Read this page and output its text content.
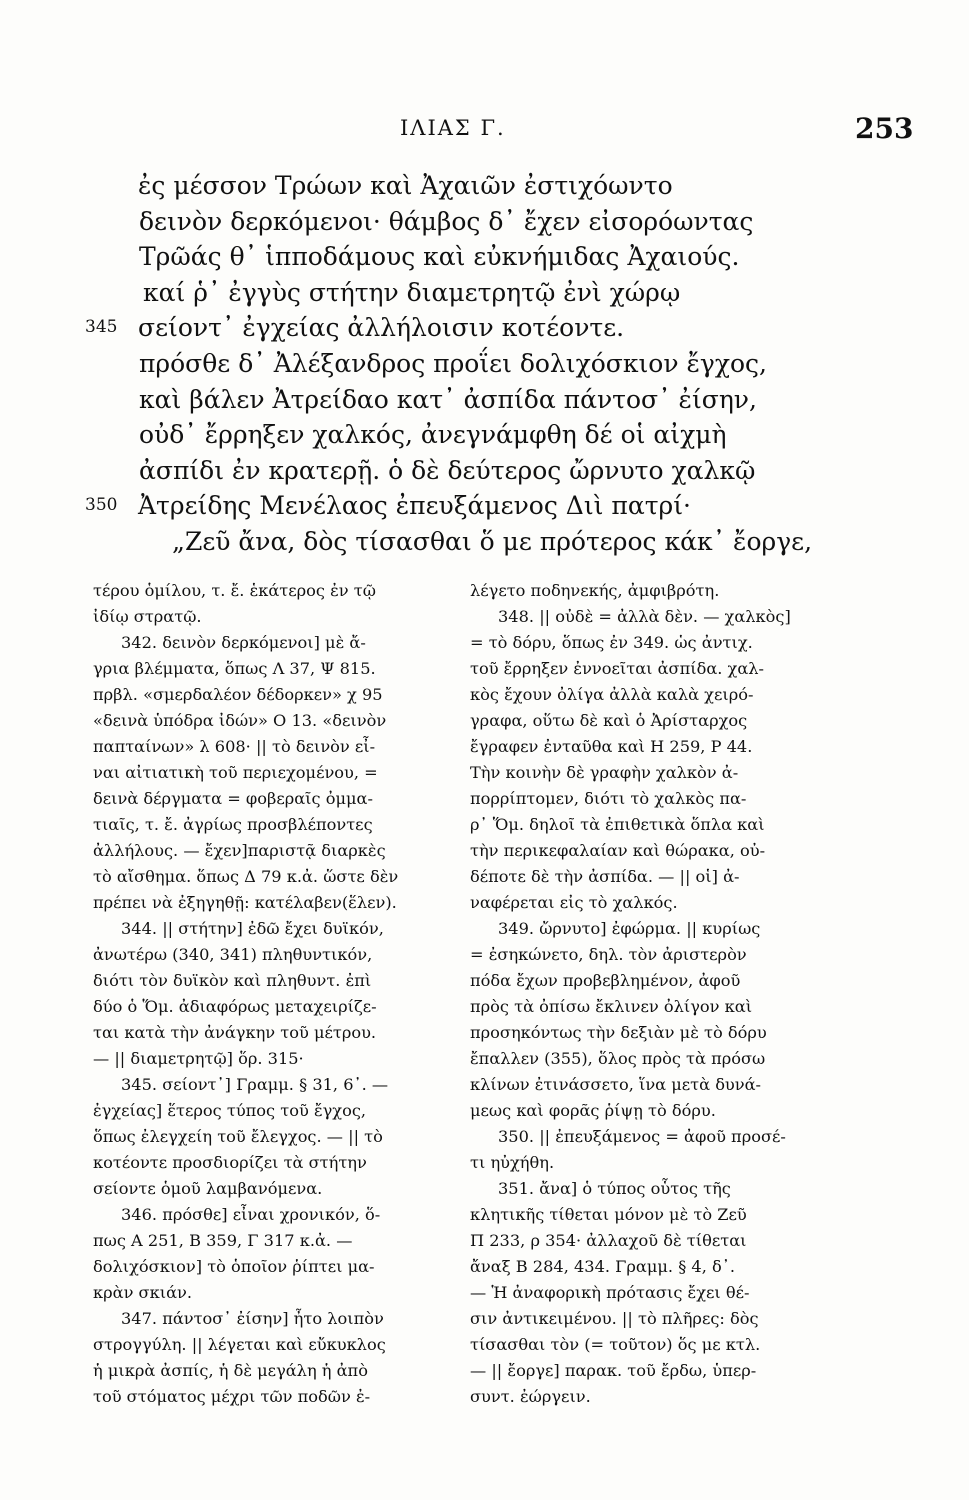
ΙΛΙΑΣ Γ.	253
ἐς μέσσον Τρώων καὶ Ἀχαιῶν ἐστιχόωντο
δεινὸν δερκόμενοι· θάμβος δ᾽ ἔχεν εἰσορόωντας
Τρῶάς θ᾽ ἱπποδάμους καὶ εὐκνήμιδας Ἀχαιούς.
καί ῥ᾽ ἐγγὺς στήτην διαμετρητῷ ἐνὶ χώρῳ
345 σείοντ᾽ ἐγχείας ἀλλήλοισιν κοτέοντε.
πρόσθε δ᾽ Ἀλέξανδρος προΐει δολιχόσκιον ἔγχος,
καὶ βάλεν Ἀτρείδαο κατ᾽ ἀσπίδα πάντοσ᾽ ἐίσην,
οὐδ᾽ ἔρρηξεν χαλκός, ἀνεγνάμφθη δέ οἱ αἰχμὴ
ἀσπίδι ἐν κρατερῇ. ὁ δὲ δεύτερος ὤρνυτο χαλκῷ
350 Ἀτρείδης Μενέλαος ἐπευξάμενος Διὶ πατρί·
„Ζεῦ ἄνα, δὸς τίσασθαι ὅ με πρότερος κάκ᾽ ἔοργε,
τέρου ὁμίλου, τ. ἔ. ἑκάτερος ἐν τῷ
ἰδίῳ στρατῷ.
342. δεινὸν δερκόμενοι] μὲ ἄ-
γρια βλέμματα, ὅπως Λ 37, Ψ 815.
πρβλ. «σμερδαλέον δέδορκεν» χ 95
«δεινὰ ὑπόδρα ἰδών» Ο 13. «δεινὸν
παπταίνων» λ 608· || τὸ δεινὸν εἶ-
ναι αἰτιατικὴ τοῦ περιεχομένου, =
δεινὰ δέργματα = φοβεραῖς ὀμμα-
τιαῖς, τ. ἔ. ἀγρίως προσβλέποντες
ἀλλήλους. — ἔχεν]παριστᾷ διαρκὲς
τὸ αἴσθημα. ὅπως Δ 79 κ.ἀ. ὥστε δὲν
πρέπει νὰ ἐξηγηθῇ: κατέλαβεν(ἕλεν).
344. || στήτην] ἐδῶ ἔχει δυϊκόν,
ἀνωτέρω (340, 341) πληθυντικόν,
διότι τὸν δυϊκὸν καὶ πληθυντ. ἐπὶ
δύο ὁ Ὅμ. ἀδιαφόρως μεταχειρίζε-
ται κατὰ τὴν ἀνάγκην τοῦ μέτρου.
— || διαμετρητῷ] ὅρ. 315·
345. σείοντ᾽] Γραμμ. § 31, 6᾽. —
ἐγχείας] ἕτερος τύπος τοῦ ἔγχος,
ὅπως ἐλεγχείη τοῦ ἔλεγχος. — || τὸ
κοτέοντε προσδιορίζει τὰ στήτην
σείοντε ὁμοῦ λαμβανόμενα.
346. πρόσθε] εἶναι χρονικόν, ὅ-
πως Α 251, Β 359, Γ 317 κ.ἀ. —
δολιχόσκιον] τὸ ὁποῖον ῥίπτει μα-
κρὰν σκιάν.
347. πάντοσ᾽ ἐίσην] ἦτο λοιπὸν
στρογγύλη. || λέγεται καὶ εὔκυκλος
ἡ μικρὰ ἀσπίς, ἡ δὲ μεγάλη ἡ ἀπὸ
τοῦ στόματος μέχρι τῶν ποδῶν ἐ-
λέγετο ποδηνεκής, ἀμφιβρότη.
348. || οὐδὲ = ἀλλὰ δὲν. — χαλκὸς]
= τὸ δόρυ, ὅπως ἐν 349. ὡς ἀντιχ.
τοῦ ἔρρηξεν ἐννοεῖται ἀσπίδα. χαλ-
κὸς ἔχουν ὀλίγα ἀλλὰ καλὰ χειρό-
γραφα, οὕτω δὲ καὶ ὁ Ἀρίσταρχος
ἔγραφεν ἐνταῦθα καὶ Η 259, Ρ 44.
Τὴν κοινὴν δὲ γραφὴν χαλκὸν ἀ-
πορρίπτομεν, διότι τὸ χαλκὸς πα-
ρ᾽ Ὅμ. δηλοῖ τὰ ἐπιθετικὰ ὅπλα καὶ
τὴν περικεφαλαίαν καὶ θώρακα, οὐ-
δέποτε δὲ τὴν ἀσπίδα. — || οἱ] ἀ-
ναφέρεται εἰς τὸ χαλκός.
349. ὤρνυτο] ἐφώρμα. || κυρίως
= ἐσηκώνετο, δηλ. τὸν ἀριστερὸν
πόδα ἔχων προβεβλημένον, ἀφοῦ
πρὸς τὰ ὀπίσω ἔκλινεν ὀλίγον καὶ
προσηκόντως τὴν δεξιὰν μὲ τὸ δόρυ
ἔπαλλεν (355), ὅλος πρὸς τὰ πρόσω
κλίνων ἐτινάσσετο, ἵνα μετὰ δυνά-
μεως καὶ φορᾶς ῥίψῃ τὸ δόρυ.
350. || ἐπευξάμενος = ἀφοῦ προσέ-
τι ηὐχήθη.
351. ἄνα] ὁ τύπος οὗτος τῆς
κλητικῆς τίθεται μόνον μὲ τὸ Ζεῦ
Π 233, ρ 354· ἀλλαχοῦ δὲ τίθεται
ἄναξ Β 284, 434. Γραμμ. § 4, δ᾽.
— Ἡ ἀναφορικὴ πρότασις ἔχει θέ-
σιν ἀντικειμένου. || τὸ πλῆρες: δὸς
τίσασθαι τὸν (= τοῦτον) ὅς με κτλ.
— || ἔοργε] παρακ. τοῦ ἔρδω, ὑπερ-
συντ. ἐώργειν.
